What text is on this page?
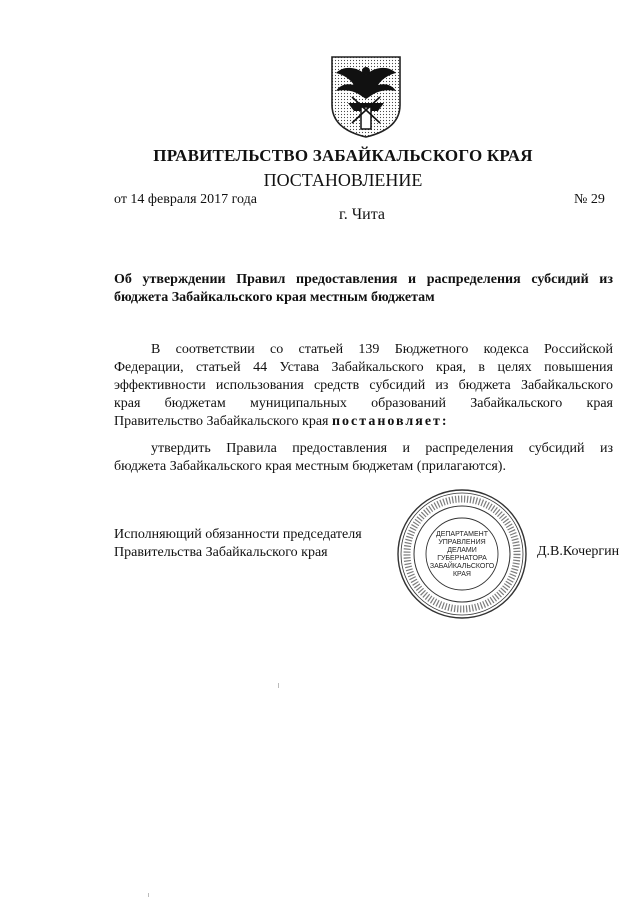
ПРАВИТЕЛЬСТВО ЗАБАЙКАЛЬСКОГО КРАЯ
ПОСТАНОВЛЕНИЕ
от 14 февраля 2017 года	№ 29
г. Чита
Об утверждении Правил предоставления и распределения субсидий из
бюджета Забайкальского края местным бюджетам
В соответствии со статьей 139 Бюджетного кодекса Российской
Федерации, статьей 44 Устава Забайкальского края, в целях повышения
эффективности использования средств субсидий из бюджета Забайкальского
края бюджетам муниципальных образований Забайкальского края
Правительство Забайкальского края постановляет:
утвердить Правила предоставления и распределения субсидий из
бюджета Забайкальского края местным бюджетам (прилагаются).
Исполняющий обязанности председателя
Правительства Забайкальского края
ДЕПАРТАМЕНТ
УПРАВЛЕНИЯ
ДЕЛАМИ
ГУБЕРНАТОРА
ЗАБАЙКАЛЬСКОГО
КРАЯ
Д.В.Кочергин
